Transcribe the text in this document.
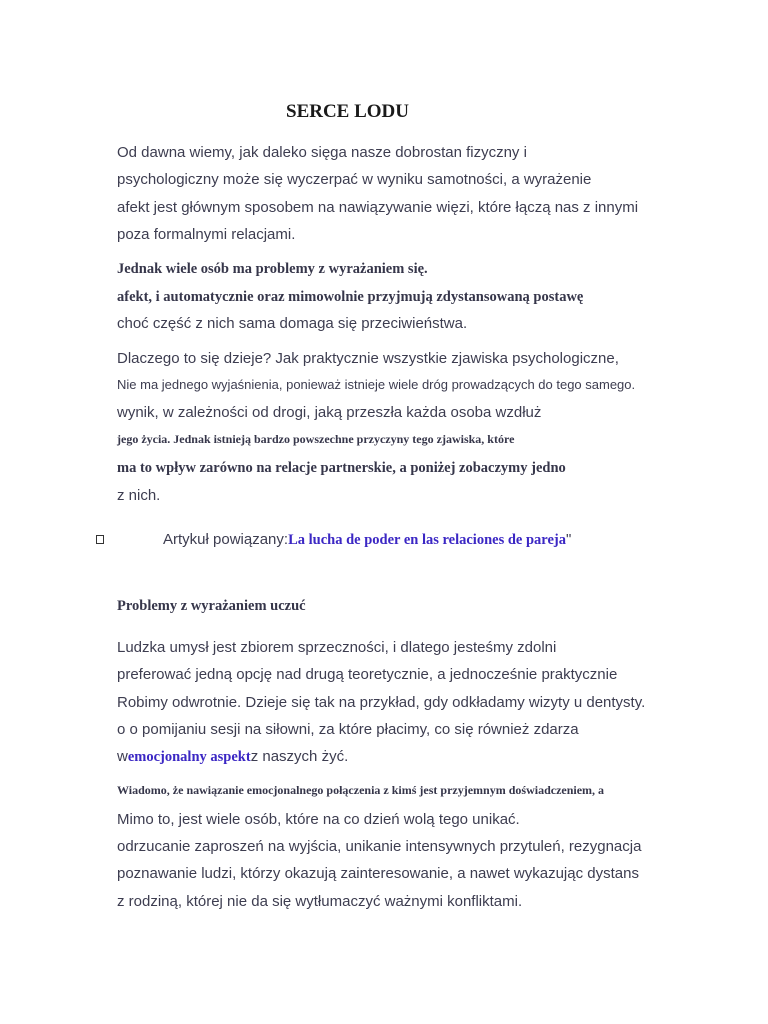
SERCE LODU
Od dawna wiemy, jak daleko sięga nasze dobrostan fizyczny i
psychologiczny może się wyczerpać w wyniku samotności, a wyrażenie
afekt jest głównym sposobem na nawiązywanie więzi, które łączą nas z innymi
poza formalnymi relacjami.
Jednak wiele osób ma problemy z wyrażaniem się.
afekt, i automatycznie oraz mimowolnie przyjmują zdystansowaną postawę
choć część z nich sama domaga się przeciwieństwa.
Dlaczego to się dzieje? Jak praktycznie wszystkie zjawiska psychologiczne,
Nie ma jednego wyjaśnienia, ponieważ istnieje wiele dróg prowadzących do tego samego.
wynik, w zależności od drogi, jaką przeszła każda osoba wzdłuż
jego życia. Jednak istnieją bardzo powszechne przyczyny tego zjawiska, które
ma to wpływ zarówno na relacje partnerskie, a poniżej zobaczymy jedno
z nich.
Artykuł powiązany:La lucha de poder en las relaciones de pareja"
Problemy z wyrażaniem uczuć
Ludzka umysł jest zbiorem sprzeczności, i dlatego jesteśmy zdolni
preferować jedną opcję nad drugą teoretycznie, a jednocześnie praktycznie
Robimy odwrotnie. Dzieje się tak na przykład, gdy odkładamy wizyty u dentysty.
o o pomijaniu sesji na siłowni, za które płacimy, co się również zdarza
wemocjonalny aspektz naszych żyć.
Wiadomo, że nawiązanie emocjonalnego połączenia z kimś jest przyjemnym doświadczeniem, a
Mimo to, jest wiele osób, które na co dzień wolą tego unikać.
odrzucanie zaproszeń na wyjścia, unikanie intensywnych przytuleń, rezygnacja
poznawanie ludzi, którzy okazują zainteresowanie, a nawet wykazując dystans
z rodziną, której nie da się wytłumaczyć ważnymi konfliktami.
